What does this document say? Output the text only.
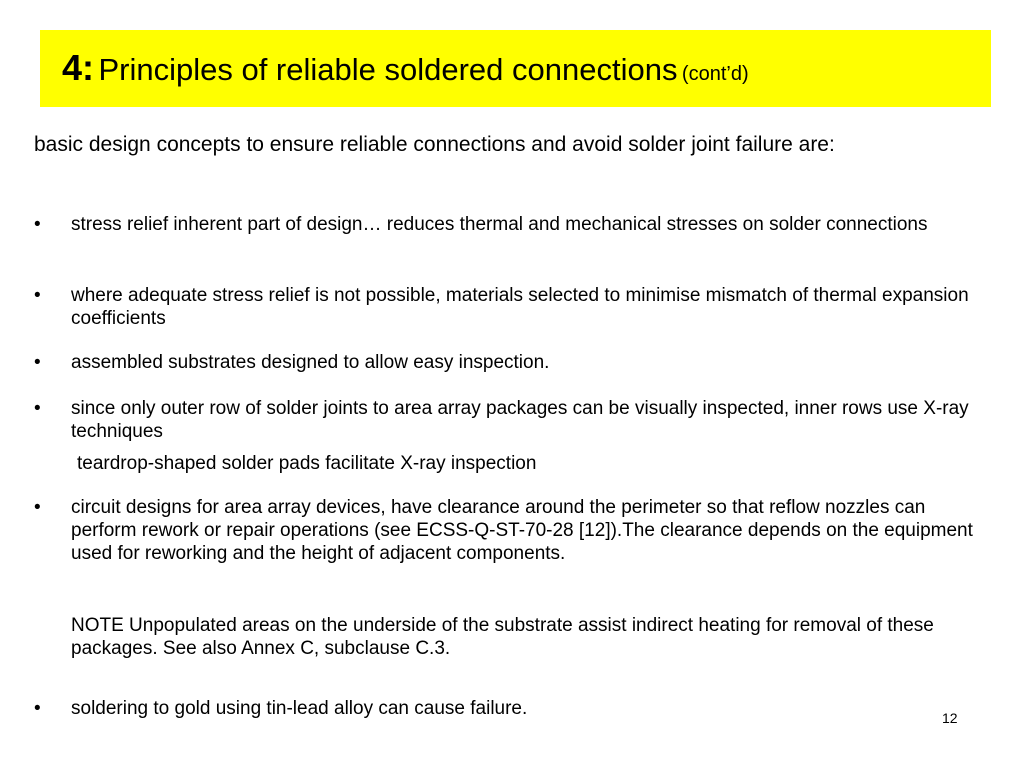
4: Principles of reliable soldered connections (cont’d)
basic design concepts to ensure reliable connections and avoid solder joint failure are:
• stress relief inherent part of design… reduces thermal and mechanical stresses on solder connections
• where adequate stress relief is not possible, materials selected to minimise mismatch of thermal expansion coefficients
• assembled substrates designed to allow easy inspection.
• since only outer row of solder joints to area array packages can be visually inspected, inner rows use X-ray techniques
teardrop-shaped solder pads facilitate X-ray inspection
• circuit designs for area array devices, have clearance around the perimeter so that reflow nozzles can perform rework or repair operations (see ECSS-Q-ST-70-28 [12]).The clearance depends on the equipment used for reworking and the height of adjacent components.
NOTE Unpopulated areas on the underside of the substrate assist indirect heating for removal of these packages. See also Annex C, subclause C.3.
• soldering to gold using tin-lead alloy can cause failure.	12
